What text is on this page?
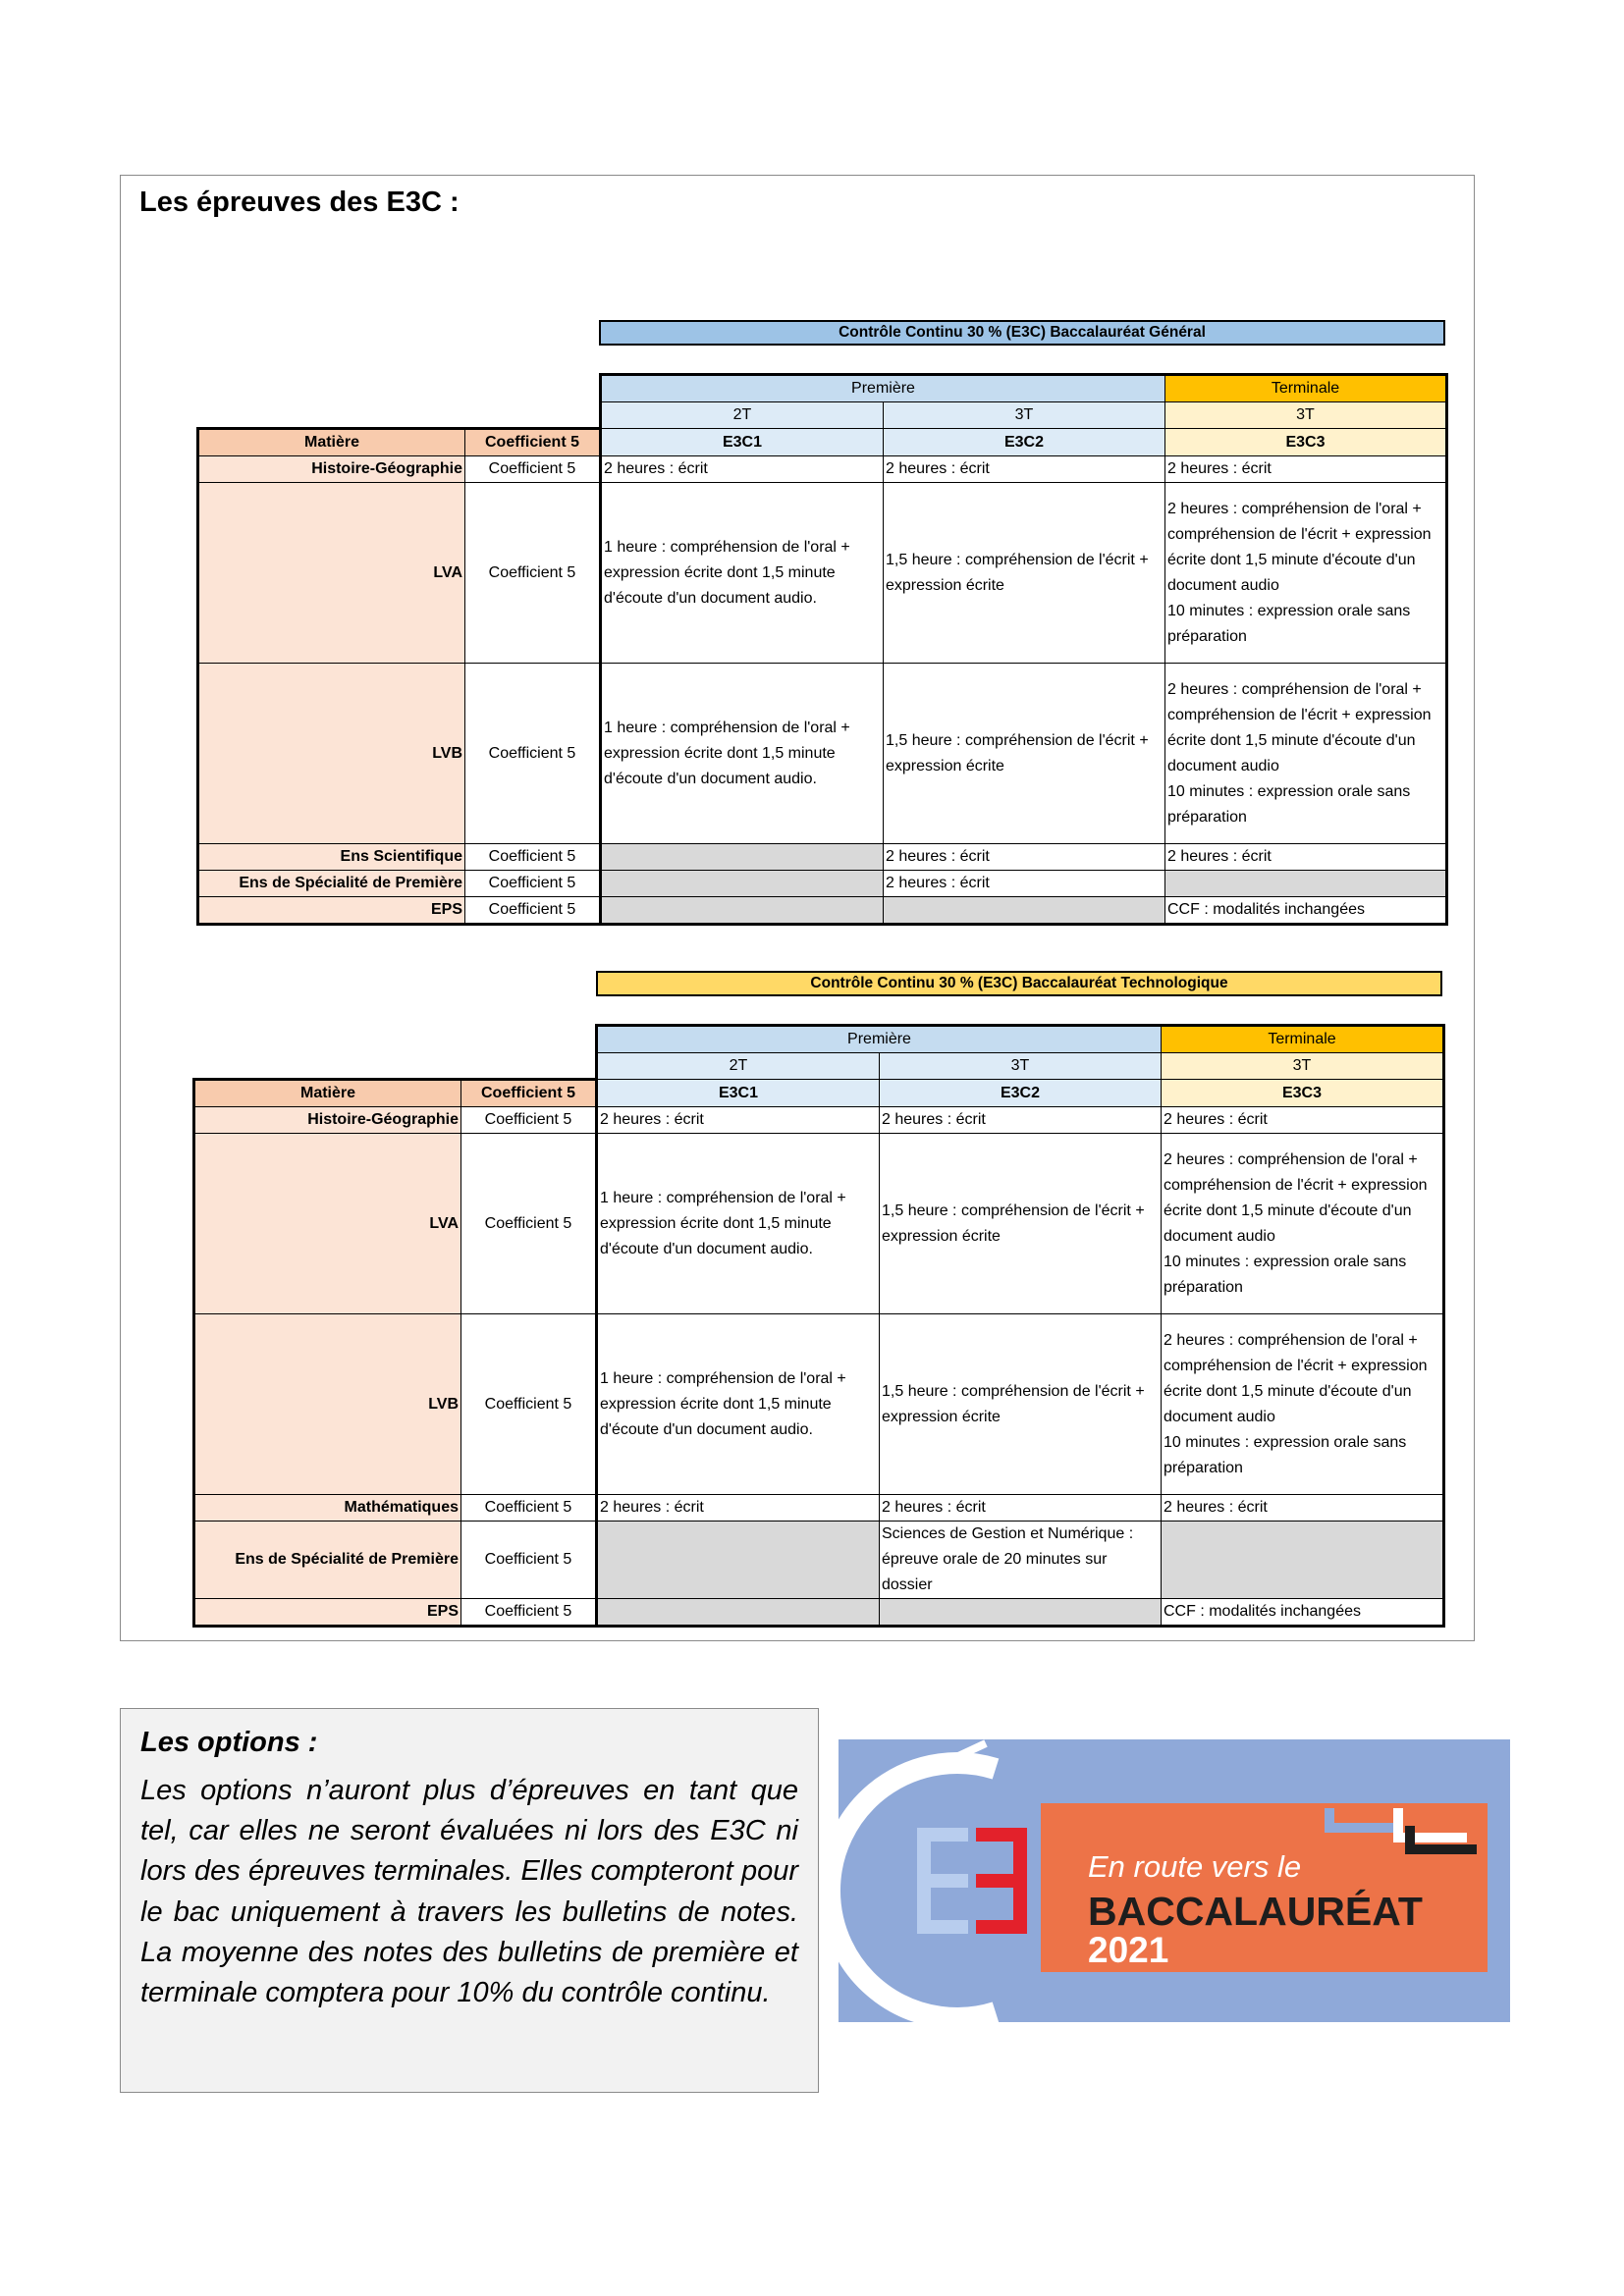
Les épreuves des E3C :
Contrôle Continu 30 % (E3C) Baccalauréat Général
		Première		Terminale
		2T	3T	3T
Matière	Coefficient 5	E3C1	E3C2	E3C3
Histoire-Géographie	Coefficient 5	2 heures : écrit	2 heures : écrit	2 heures : écrit
LVA	Coefficient 5	1 heure : compréhension de l'oral + expression écrite dont 1,5 minute d'écoute d'un document audio.	1,5 heure : compréhension de l'écrit + expression écrite	2 heures : compréhension de l'oral + compréhension de l'écrit + expression écrite dont 1,5 minute d'écoute d'un document audio
10 minutes : expression orale sans préparation

LVB	Coefficient 5	1 heure : compréhension de l'oral + expression écrite dont 1,5 minute d'écoute d'un document audio.	1,5 heure : compréhension de l'écrit + expression écrite	2 heures : compréhension de l'oral + compréhension de l'écrit + expression écrite dont 1,5 minute d'écoute d'un document audio
10 minutes : expression orale sans préparation

Ens Scientifique	Coefficient 5		2 heures : écrit	2 heures : écrit
Ens de Spécialité de Première	Coefficient 5		2 heures : écrit	
EPS	Coefficient 5			CCF : modalités inchangées
Contrôle Continu 30 % (E3C) Baccalauréat Technologique
		Première		Terminale
		2T	3T	3T
Matière	Coefficient 5	E3C1	E3C2	E3C3
Histoire-Géographie	Coefficient 5	2 heures : écrit	2 heures : écrit	2 heures : écrit
LVA	Coefficient 5	1 heure : compréhension de l'oral + expression écrite dont 1,5 minute d'écoute d'un document audio.	1,5 heure : compréhension de l'écrit + expression écrite	2 heures : compréhension de l'oral + compréhension de l'écrit + expression écrite dont 1,5 minute d'écoute d'un document audio
10 minutes : expression orale sans préparation

LVB	Coefficient 5	1 heure : compréhension de l'oral + expression écrite dont 1,5 minute d'écoute d'un document audio.	1,5 heure : compréhension de l'écrit + expression écrite	2 heures : compréhension de l'oral + compréhension de l'écrit + expression écrite dont 1,5 minute d'écoute d'un document audio
10 minutes : expression orale sans préparation

Mathématiques	Coefficient 5	2 heures : écrit	2 heures : écrit	2 heures : écrit
Ens de Spécialité de Première	Coefficient 5		Sciences de Gestion et Numérique : épreuve orale de 20 minutes sur dossier	
EPS	Coefficient 5			CCF : modalités inchangées
Les options :
Les options n’auront plus d’épreuves en tant que tel, car elles ne seront évaluées ni lors des E3C ni lors des épreuves terminales. Elles compteront pour le bac uniquement à travers les bulletins de notes. La moyenne des notes des bulletins de première et terminale comptera pour 10% du contrôle continu.
En route vers le
BACCALAURÉAT
2021
